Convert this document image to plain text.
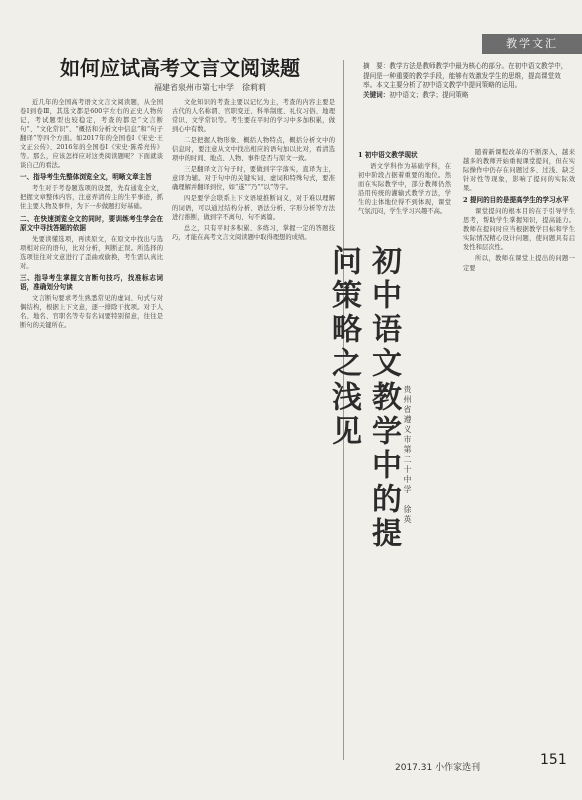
教学文汇
如何应试高考文言文阅读题
福建省泉州市第七中学　徐莉莉

近几年的全国高考语文文言文阅读题，从全国卷Ⅰ到卷Ⅲ，其选文都是600字左右的正史人物传记，考试题型也较稳定，考查的都是“文言断句”、“文化常识”、“概括和分析文中信息”和“句子翻译”等四个方面。如2017年的全国卷Ⅰ《宋史·王文正公传》、2016年的全国卷Ⅰ《宋史·陈希亮传》等。那么，应该怎样应对这类阅读题呢？下面就谈谈自己的看法。

一、指导考生先整体浏览全文，明晰文章主旨

考生对于考卷题选项的设置，先有通览全文，把握文章整体内容，注意弄清传主的生平事迹，抓住主要人物及事件，为下一步做题打好基础。

二、在快速浏览全文的同时，要训练考生学会在原文中寻找答题的依据

先要读懂选项，再读原文，在原文中找出与选项相对应的语句，比对分析，判断正误。所选择的选项往往对文意进行了歪曲或偷换，考生需认真比对。

三、指导考生掌握文言断句技巧，找准标志词语，准确划分句读

文言断句要求考生熟悉常见的虚词、句式与对偶结构，根据上下文意，逐一排除干扰项。对于人名、地名、官职名等专有名词要特别留意，往往是断句的关键所在。

文化知识的考查主要以记忆为主，考查的内容主要是古代的人名称谓、官职变迁、科举制度、礼仪习俗、地理常识、文学常识等。考生要在平时的学习中多加积累，做到心中有数。

二是把握人物形象、概括人物特点，概括分析文中的信息时，要注意从文中找出相应的语句加以比对，看清选项中的时间、地点、人物、事件是否与原文一致。

三是翻译文言句子时，要做到字字落实，直译为主，意译为辅。对于句中的关键实词、虚词和特殊句式，要准确理解并翻译到位，如“遂”“乃”“以”等字。

四是要学会联系上下文语境推断词义，对于难以理解的词语，可以通过结构分析、语法分析、字形分析等方法进行推断，做到字不离句、句不离篇。

总之，只有平时多积累、多练习，掌握一定的答题技巧，才能在高考文言文阅读题中取得理想的成绩。

摘　要：教学方法是教师教学中最为核心的部分。在初中语文教学中，提问是一种重要的教学手段，能够有效激发学生的思维，提高课堂效率。本文主要分析了初中语文教学中提问策略的运用。
关键词：初中语文；教学；提问策略
1 初中语文教学现状

语文学科作为基础学科，在初中阶段占据着重要的地位。然而在实际教学中，部分教师仍然沿用传统的灌输式教学方法，学生的主体地位得不到体现，课堂气氛沉闷，学生学习兴趣不高。

初中语文教学中的提问策略之浅见
贵州省遵义市第二十中学　徐英

随着新课程改革的不断深入，越来越多的教师开始重视课堂提问，但在实际操作中仍存在问题过多、过浅、缺乏针对性等现象，影响了提问的实际效果。

2 提问的目的是提高学生的学习水平

课堂提问的根本目的在于引导学生思考，帮助学生掌握知识，提高能力。教师在提问时应当根据教学目标和学生实际情况精心设计问题，使问题具有启发性和层次性。

所以，教师在课堂上提出的问题一定要

2017.31 小作家选刊	151
